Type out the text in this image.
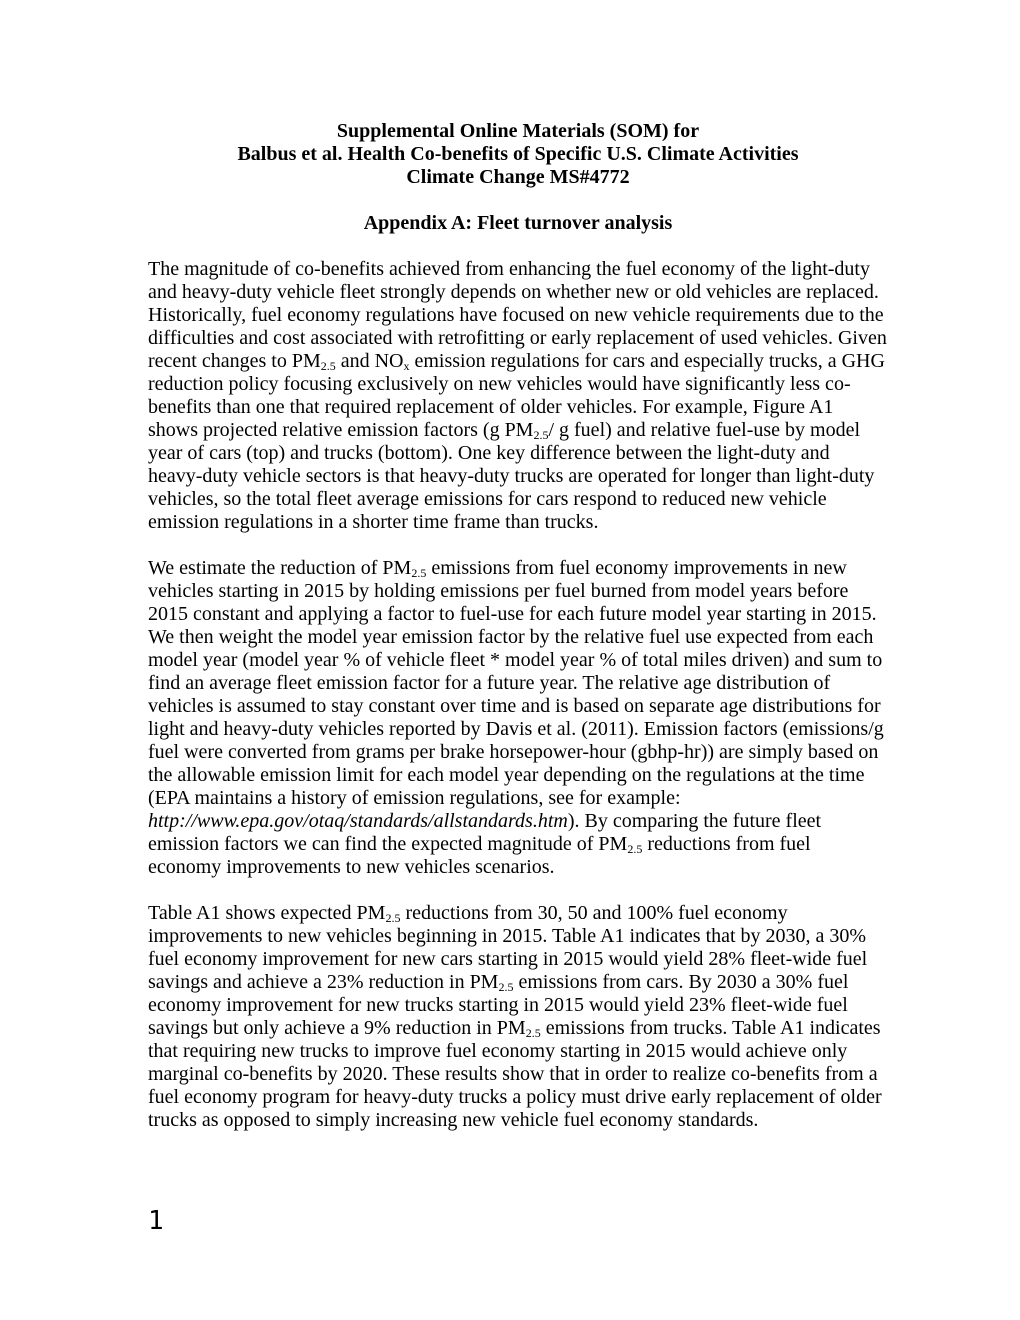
Supplemental Online Materials (SOM) for
Balbus et al. Health Co-benefits of Specific U.S. Climate Activities
Climate Change MS#4772
Appendix A: Fleet turnover analysis

The magnitude of co-benefits achieved from enhancing the fuel economy of the light-duty and heavy-duty vehicle fleet strongly depends on whether new or old vehicles are replaced. Historically, fuel economy regulations have focused on new vehicle requirements due to the difficulties and cost associated with retrofitting or early replacement of used vehicles. Given recent changes to $PM_{2.5}$ and $NO_x$ emission regulations for cars and especially trucks, a GHG reduction policy focusing exclusively on new vehicles would have significantly less co-benefits than one that required replacement of older vehicles. For example, Figure A1 shows projected relative emission factors (g $PM_{2.5}/$ g fuel) and relative fuel-use by model year of cars (top) and trucks (bottom). One key difference between the light-duty and heavy-duty vehicle sectors is that heavy-duty trucks are operated for longer than light-duty vehicles, so the total fleet average emissions for cars respond to reduced new vehicle emission regulations in a shorter time frame than trucks.

We estimate the reduction of $PM_{2.5}$ emissions from fuel economy improvements in new vehicles starting in 2015 by holding emissions per fuel burned from model years before 2015 constant and applying a factor to fuel-use for each future model year starting in 2015. We then weight the model year emission factor by the relative fuel use expected from each model year (model year % of vehicle fleet * model year % of total miles driven) and sum to find an average fleet emission factor for a future year. The relative age distribution of vehicles is assumed to stay constant over time and is based on separate age distributions for light and heavy-duty vehicles reported by Davis et al. (2011). Emission factors (emissions/g fuel were converted from grams per brake horsepower-hour (gbhp-hr)) are simply based on the allowable emission limit for each model year depending on the regulations at the time (EPA maintains a history of emission regulations, see for example: http://www.epa.gov/otaq/standards/allstandards.htm). By comparing the future fleet emission factors we can find the expected magnitude of $PM_{2.5}$ reductions from fuel economy improvements to new vehicles scenarios.

Table A1 shows expected $PM_{2.5}$ reductions from 30, 50 and 100% fuel economy improvements to new vehicles beginning in 2015. Table A1 indicates that by 2030, a 30% fuel economy improvement for new cars starting in 2015 would yield 28% fleet-wide fuel savings and achieve a 23% reduction in $PM_{2.5}$ emissions from cars. By 2030 a 30% fuel economy improvement for new trucks starting in 2015 would yield 23% fleet-wide fuel savings but only achieve a 9% reduction in $PM_{2.5}$ emissions from trucks. Table A1 indicates that requiring new trucks to improve fuel economy starting in 2015 would achieve only marginal co-benefits by 2020. These results show that in order to realize co-benefits from a fuel economy program for heavy-duty trucks a policy must drive early replacement of older trucks as opposed to simply increasing new vehicle fuel economy standards.

1
